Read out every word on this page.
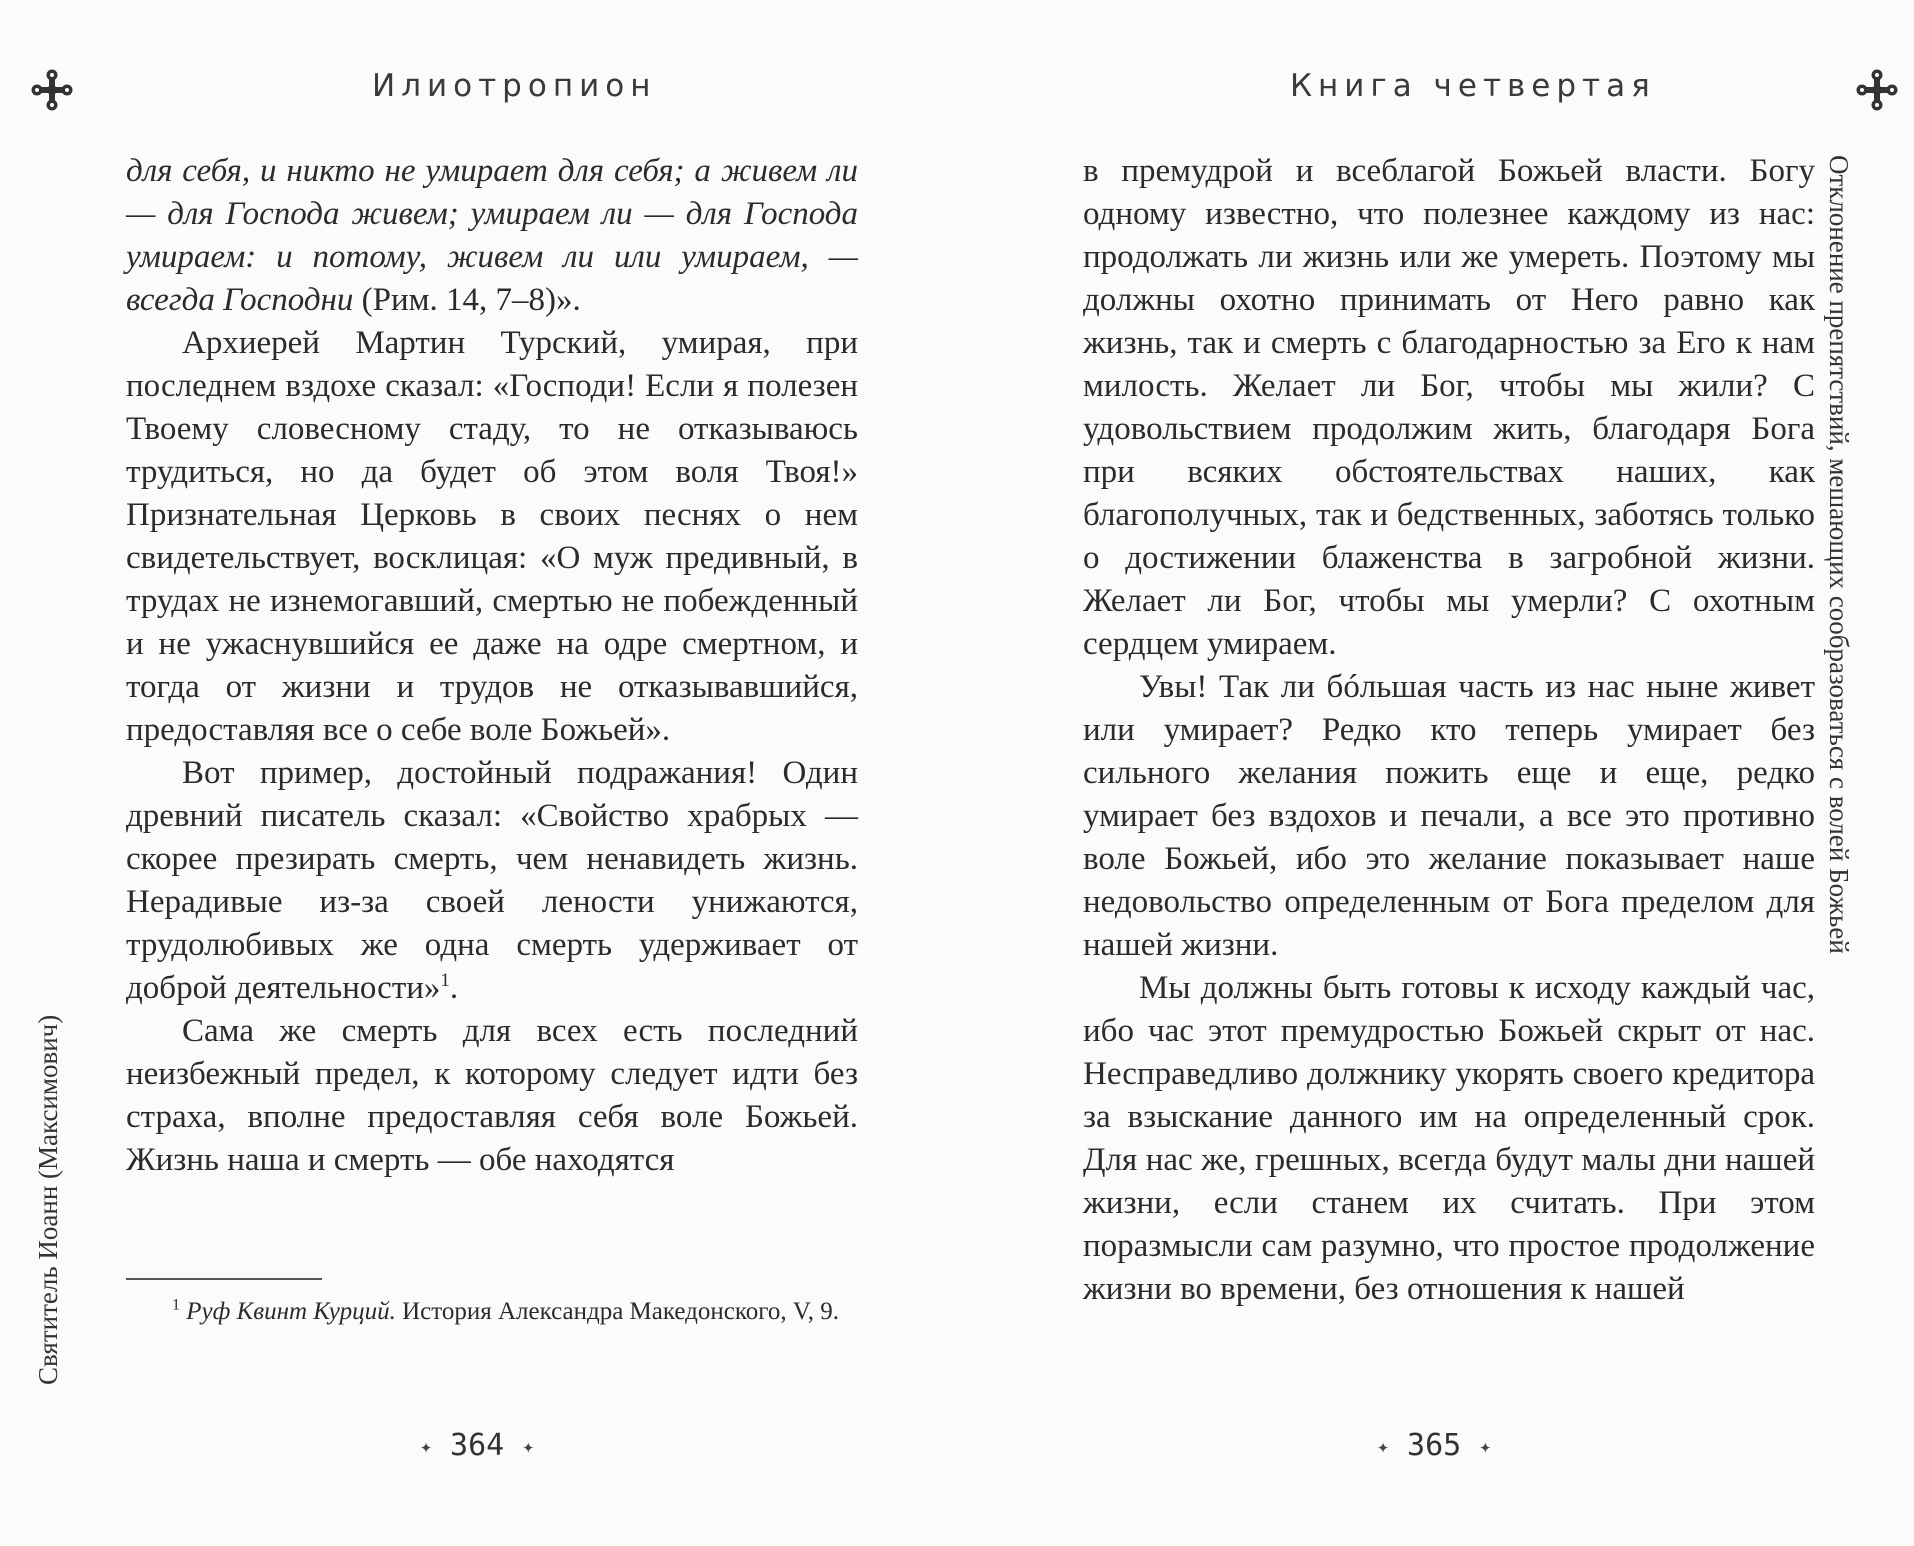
Илиотропион
Святитель Иоанн (Максимович)

для себя, и никто не умирает для себя; а живем ли — для Господа живем; умираем ли — для Господа умираем: и потому, живем ли или умираем, — всегда Господни (Рим. 14, 7–8)».

Архиерей Мартин Турский, умирая, при последнем вздохе сказал: «Господи! Если я полезен Твоему словесному стаду, то не отказываюсь трудиться, но да будет об этом воля Твоя!» Признательная Церковь в своих песнях о нем свидетельствует, восклицая: «О муж предивный, в трудах не изнемогавший, смертью не побежденный и не ужаснувшийся ее даже на одре смертном, и тогда от жизни и трудов не отказывавшийся, предоставляя все о себе воле Божьей».

Вот пример, достойный подражания! Один древний писатель сказал: «Свойство храбрых — скорее презирать смерть, чем ненавидеть жизнь. Нерадивые из-за своей лености унижаются, трудолюбивых же одна смерть удерживает от доброй деятельности»$^1$.

Сама же смерть для всех есть последний неизбежный предел, к которому следует идти без страха, вполне предоставляя себя воле Божьей. Жизнь наша и смерть — обе находятся

$^1$ Руф Квинт Курций. История Александра Македонского, V, 9.
✦ 364 ✦
Книга четвертая
Отклонение препятствий, мешающих сообразоваться с волей Божьей

в премудрой и всеблагой Божьей власти. Богу одному известно, что полезнее каждому из нас: продолжать ли жизнь или же умереть. Поэтому мы должны охотно принимать от Него равно как жизнь, так и смерть с благодарностью за Его к нам милость. Желает ли Бог, чтобы мы жили? С удовольствием продолжим жить, благодаря Бога при всяких обстоятельствах наших, как благополучных, так и бедственных, заботясь только о достижении блаженства в загробной жизни. Желает ли Бог, чтобы мы умерли? С охотным сердцем умираем.

Увы! Так ли бóльшая часть из нас ныне живет или умирает? Редко кто теперь умирает без сильного желания пожить еще и еще, редко умирает без вздохов и печали, а все это противно воле Божьей, ибо это желание показывает наше недовольство определенным от Бога пределом для нашей жизни.

Мы должны быть готовы к исходу каждый час, ибо час этот премудростью Божьей скрыт от нас. Несправедливо должнику укорять своего кредитора за взыскание данного им на определенный срок. Для нас же, грешных, всегда будут малы дни нашей жизни, если станем их считать. При этом поразмысли сам разумно, что простое продолжение жизни во времени, без отношения к нашей

✦ 365 ✦
